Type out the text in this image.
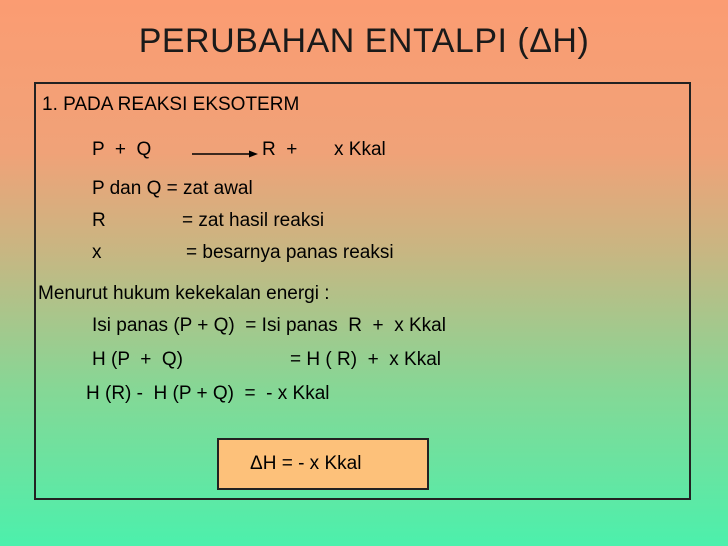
PERUBAHAN ENTALPI (ΔH)
1. PADA REAKSI EKSOTERM
P  +  Q	R  + x Kkal
P dan Q = zat awal
R	= zat hasil reaksi
x	= besarnya panas reaksi
Menurut hukum kekekalan energi :
Isi panas (P + Q)  = Isi panas  R  +  x Kkal
H (P  +  Q)	= H ( R)  +  x Kkal
H (R) -  H (P + Q)  =  - x Kkal
ΔH = - x Kkal
